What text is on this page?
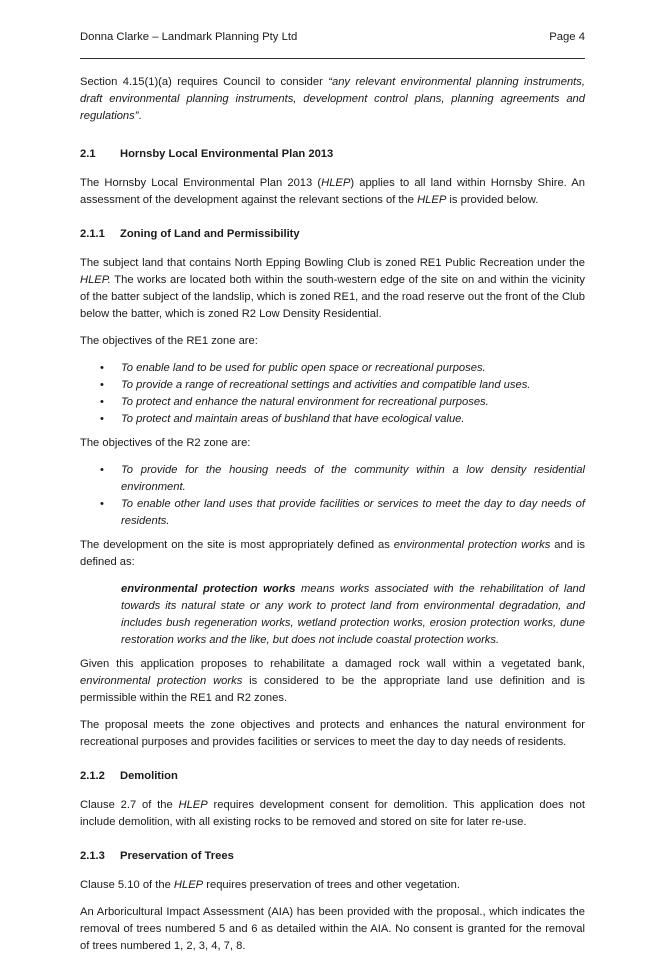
Donna Clarke – Landmark Planning Pty Ltd	Page 4

Section 4.15(1)(a) requires Council to consider “any relevant environmental planning instruments, draft environmental planning instruments, development control plans, planning agreements and regulations”.

2.1	Hornsby Local Environmental Plan 2013

The Hornsby Local Environmental Plan 2013 (HLEP) applies to all land within Hornsby Shire. An assessment of the development against the relevant sections of the HLEP is provided below.

2.1.1	Zoning of Land and Permissibility

The subject land that contains North Epping Bowling Club is zoned RE1 Public Recreation under the HLEP. The works are located both within the south-western edge of the site on and within the vicinity of the batter subject of the landslip, which is zoned RE1, and the road reserve out the front of the Club below the batter, which is zoned R2 Low Density Residential.

The objectives of the RE1 zone are:

• To enable land to be used for public open space or recreational purposes.
• To provide a range of recreational settings and activities and compatible land uses.
• To protect and enhance the natural environment for recreational purposes.
• To protect and maintain areas of bushland that have ecological value.

The objectives of the R2 zone are:

• To provide for the housing needs of the community within a low density residential environment.
• To enable other land uses that provide facilities or services to meet the day to day needs of residents.

The development on the site is most appropriately defined as environmental protection works and is defined as:

environmental protection works means works associated with the rehabilitation of land towards its natural state or any work to protect land from environmental degradation, and includes bush regeneration works, wetland protection works, erosion protection works, dune restoration works and the like, but does not include coastal protection works.

Given this application proposes to rehabilitate a damaged rock wall within a vegetated bank, environmental protection works is considered to be the appropriate land use definition and is permissible within the RE1 and R2 zones.

The proposal meets the zone objectives and protects and enhances the natural environment for recreational purposes and provides facilities or services to meet the day to day needs of residents.

2.1.2	Demolition

Clause 2.7 of the HLEP requires development consent for demolition. This application does not include demolition, with all existing rocks to be removed and stored on site for later re-use.

2.1.3	Preservation of Trees

Clause 5.10 of the HLEP requires preservation of trees and other vegetation.

An Arboricultural Impact Assessment (AIA) has been provided with the proposal., which indicates the removal of trees numbered 5 and 6 as detailed within the AIA. No consent is granted for the removal of trees numbered 1, 2, 3, 4, 7, 8.
